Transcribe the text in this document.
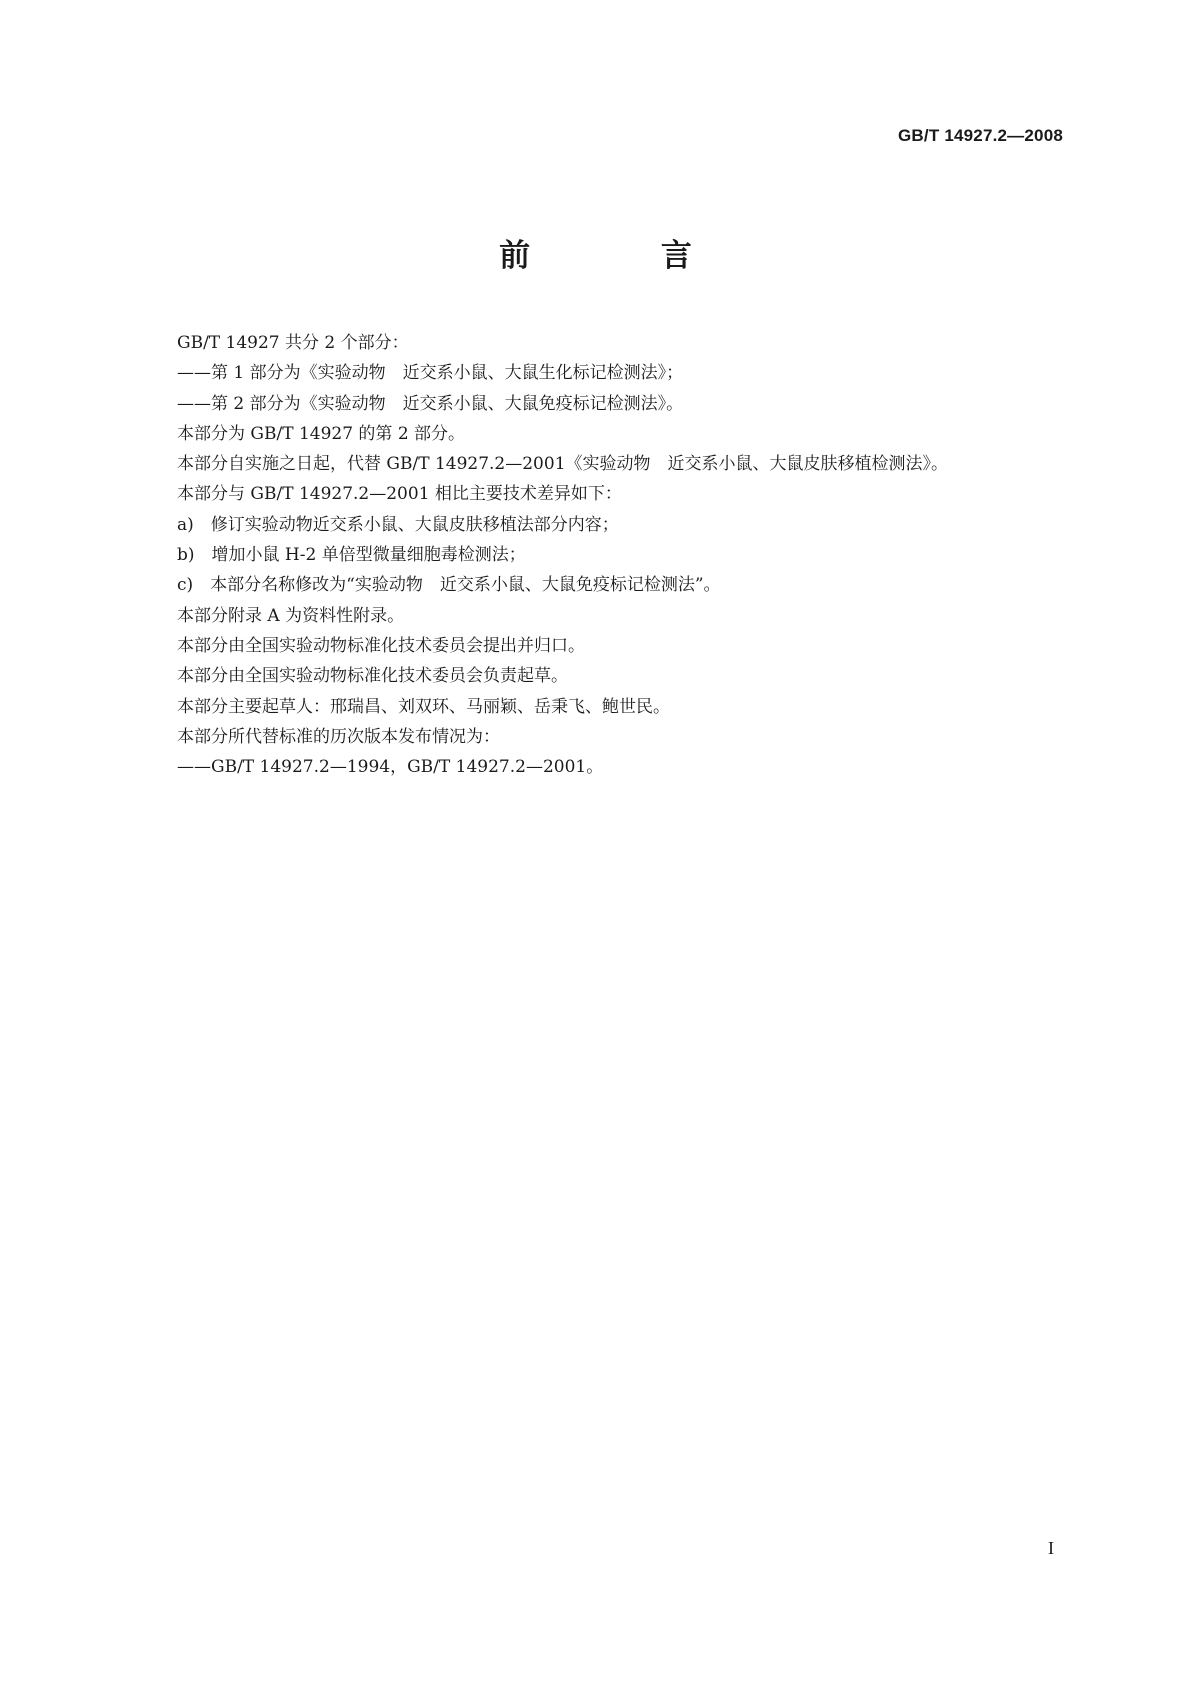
GB/T 14927.2—2008
前 言

GB/T 14927 共分 2 个部分：

——第 1 部分为《实验动物　近交系小鼠、大鼠生化标记检测法》；

——第 2 部分为《实验动物　近交系小鼠、大鼠免疫标记检测法》。

本部分为 GB/T 14927 的第 2 部分。

本部分自实施之日起，代替 GB/T 14927.2—2001《实验动物　近交系小鼠、大鼠皮肤移植检测法》。

本部分与 GB/T 14927.2—2001 相比主要技术差异如下：

a)　修订实验动物近交系小鼠、大鼠皮肤移植法部分内容；

b)　增加小鼠 H-2 单倍型微量细胞毒检测法；

c)　本部分名称修改为“实验动物　近交系小鼠、大鼠免疫标记检测法”。

本部分附录 A 为资料性附录。

本部分由全国实验动物标准化技术委员会提出并归口。

本部分由全国实验动物标准化技术委员会负责起草。

本部分主要起草人：邢瑞昌、刘双环、马丽颖、岳秉飞、鲍世民。

本部分所代替标准的历次版本发布情况为：

——GB/T 14927.2—1994，GB/T 14927.2—2001。

I
